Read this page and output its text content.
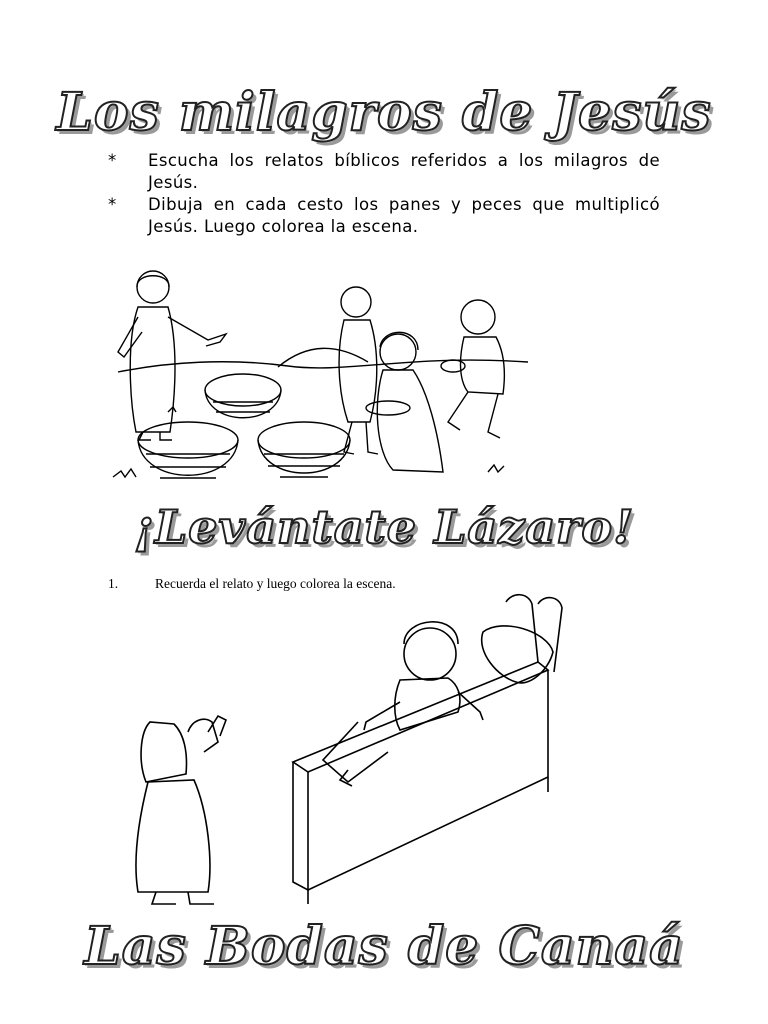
Los milagros de Jesús
*	Escucha los relatos bíblicos referidos a los milagros de Jesús.
*	Dibuja en cada cesto los panes y peces que multiplicó Jesús. Luego colorea la escena.
¡Levántate Lázaro!
1.	Recuerda el relato y luego colorea la escena.
Las Bodas de Canaá
